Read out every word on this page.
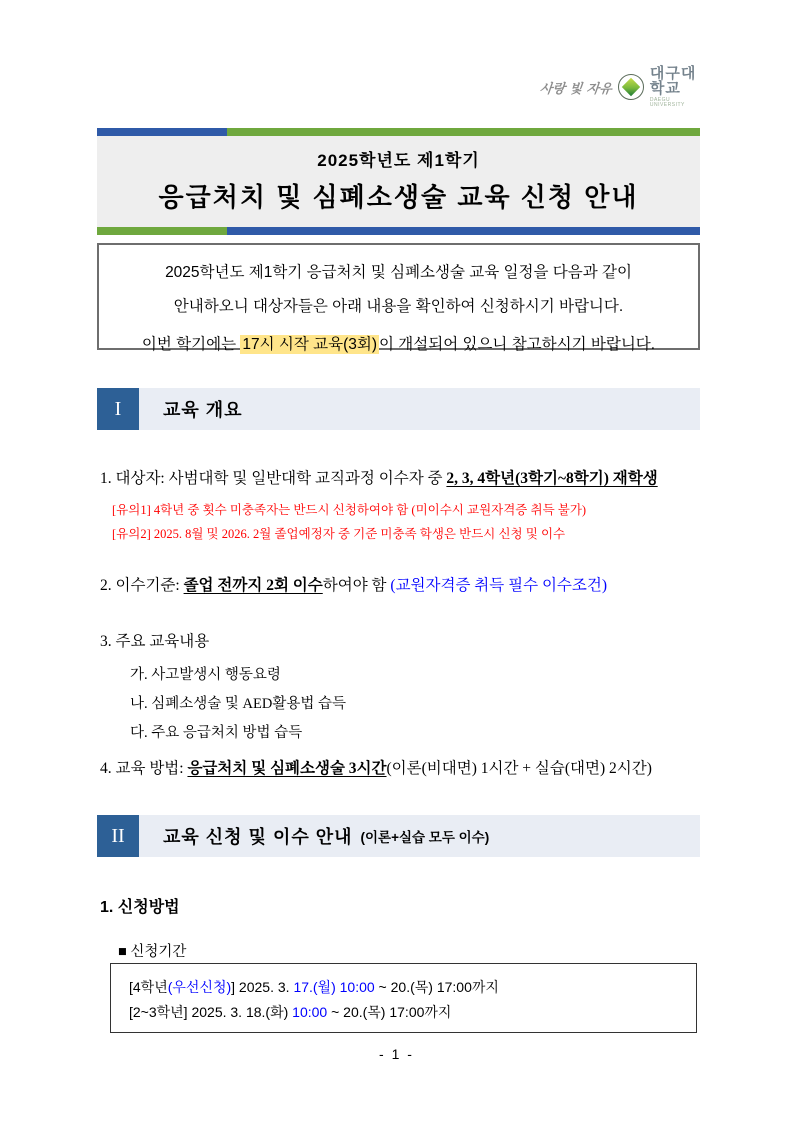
사랑 빛 자유
대구대학교
DAEGU UNIVERSITY
2025학년도 제1학기
응급처치 및 심폐소생술 교육 신청 안내

2025학년도 제1학기 응급처치 및 심폐소생술 교육 일정을 다음과 같이

안내하오니 대상자들은 아래 내용을 확인하여 신청하시기 바랍니다.

이번 학기에는 17시 시작 교육(3회) 이 개설되어 있으니 참고하시기 바랍니다.

I	교육 개요
1. 대상자: 사범대학 및 일반대학 교직과정 이수자 중 2, 3, 4학년(3학기~8학기) 재학생
[유의1] 4학년 중 횟수 미충족자는 반드시 신청하여야 함 (미이수시 교원자격증 취득 불가)
[유의2] 2025. 8월 및 2026. 2월 졸업예정자 중 기준 미충족 학생은 반드시 신청 및 이수
2. 이수기준: 졸업 전까지 2회 이수하여야 함 (교원자격증 취득 필수 이수조건)
3. 주요 교육내용
가. 사고발생시 행동요령
나. 심폐소생술 및 AED활용법 습득
다. 주요 응급처치 방법 습득
4. 교육 방법: 응급처치 및 심폐소생술 3시간(이론(비대면) 1시간 + 실습(대면) 2시간)
II	교육 신청 및 이수 안내 (이론+실습 모두 이수)
1. 신청방법
■ 신청기간

[4학년(우선신청)] 2025. 3. 17.(월) 10:00 ~ 20.(목) 17:00까지

[2~3학년] 2025. 3. 18.(화) 10:00 ~ 20.(목) 17:00까지

- 1 -
